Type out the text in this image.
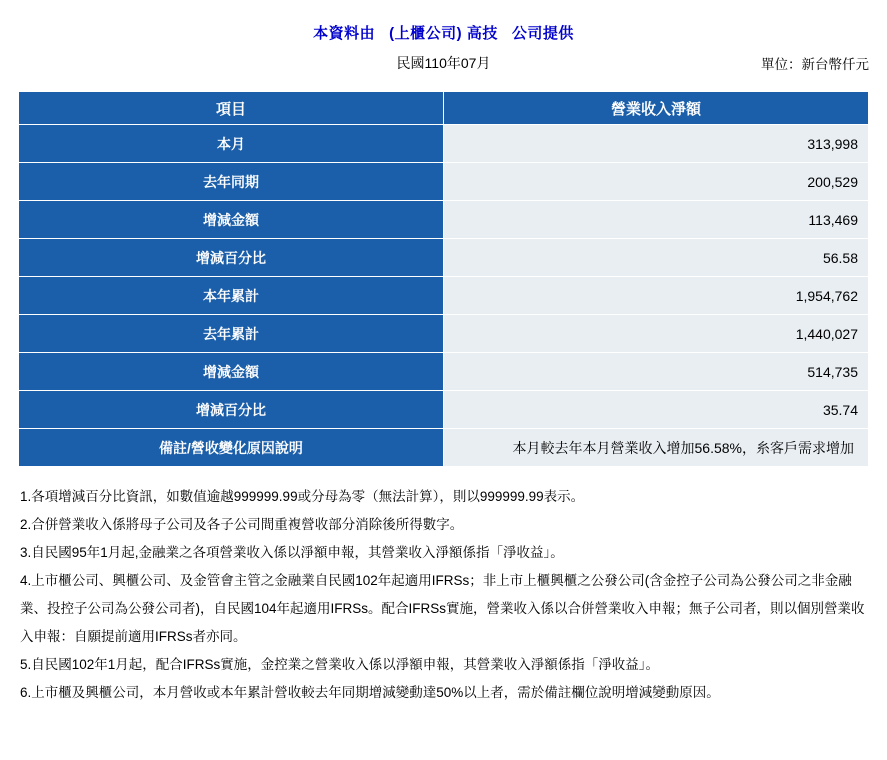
本資料由 (上櫃公司) 高技 公司提供
民國110年07月	單位：新台幣仟元
項目	營業收入淨額
本月	313,998
去年同期	200,529
增減金額	113,469
增減百分比	56.58
本年累計	1,954,762
去年累計	1,440,027
增減金額	514,735
增減百分比	35.74
備註/營收變化原因說明	本月較去年本月營業收入增加56.58%，糸客戶需求增加
1.各項增減百分比資訊，如數值逾越999999.99或分母為零（無法計算），則以999999.99表示。
2.合併營業收入係將母子公司及各子公司間重複營收部分消除後所得數字。
3.自民國95年1月起,金融業之各項營業收入係以淨額申報，其營業收入淨額係指「淨收益」。
4.上市櫃公司、興櫃公司、及金管會主管之金融業自民國102年起適用IFRSs；非上市上櫃興櫃之公發公司(含金控子公司為公發公司之非金融業、投控子公司為公發公司者)，自民國104年起適用IFRSs。配合IFRSs實施，營業收入係以合併營業收入申報；無子公司者，則以個別營業收入申報：自願提前適用IFRSs者亦同。
5.自民國102年1月起，配合IFRSs實施，金控業之營業收入係以淨額申報，其營業收入淨額係指「淨收益」。
6.上市櫃及興櫃公司，本月營收或本年累計營收較去年同期增減變動達50%以上者，需於備註欄位說明增減變動原因。
